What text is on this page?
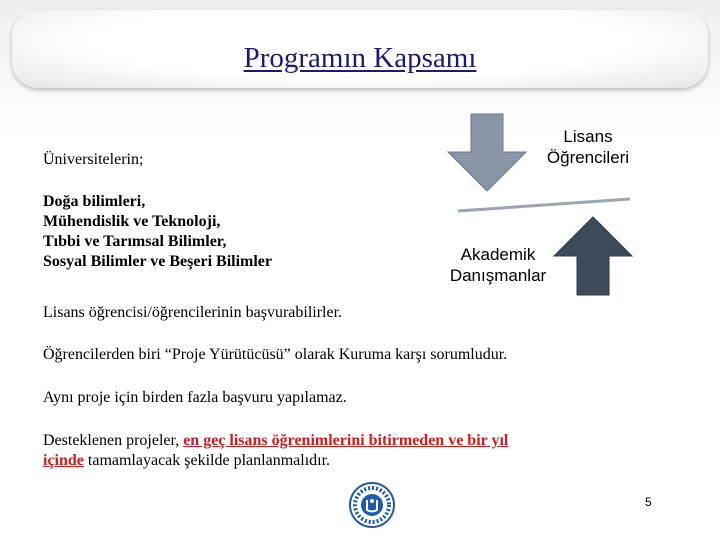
Programın Kapsamı

Üniversitelerin;

Doğa bilimleri,

Mühendislik ve Teknoloji,

Tıbbi ve Tarımsal Bilimler,

Sosyal Bilimler ve Beşeri Bilimler

Lisans
Öğrencileri
Akademik
Danışmanlar

Lisans öğrencisi/öğrencilerinin başvurabilirler.

Öğrencilerden biri “Proje Yürütücüsü” olarak Kuruma karşı sorumludur.

Aynı proje için birden fazla başvuru yapılamaz.

Desteklenen projeler, en geç lisans öğrenimlerini bitirmeden ve bir yıl
içinde tamamlayacak şekilde planlanmalıdır.

5
